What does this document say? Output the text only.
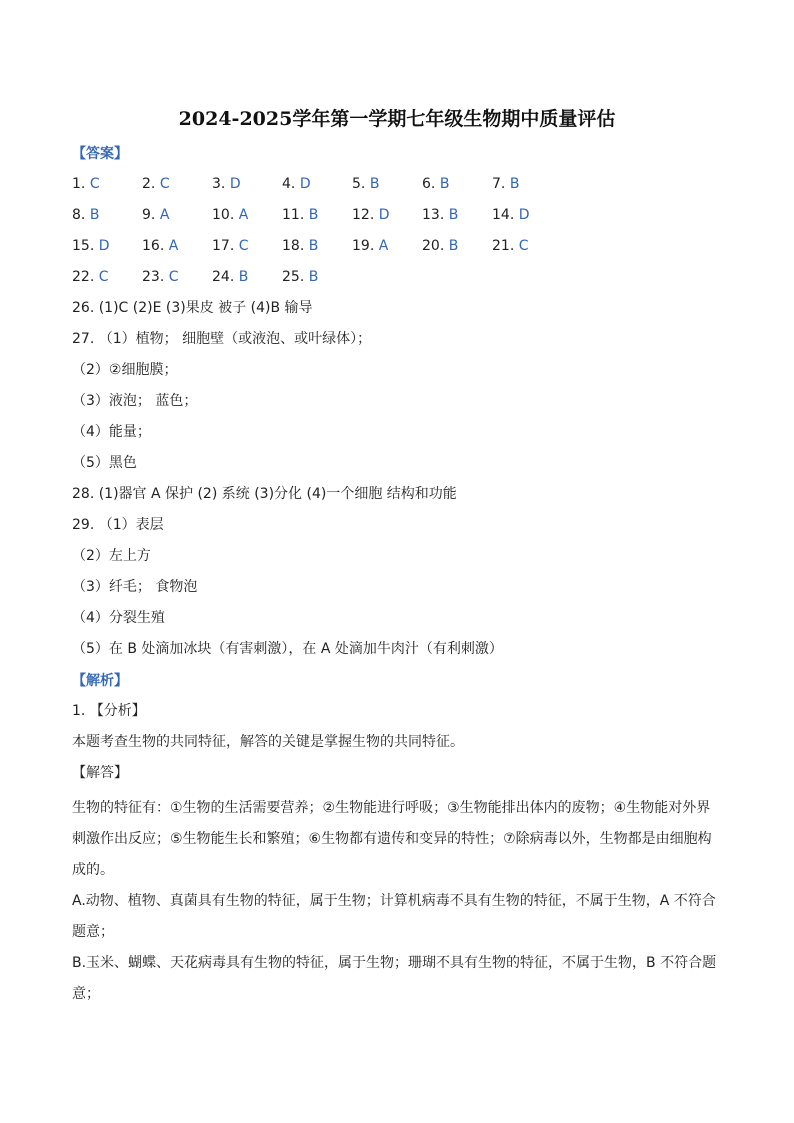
2024-2025学年第一学期七年级生物期中质量评估
【答案】
1. C	2. C	3. D	4. D	5. B	6. B	7. B
8. B	9. A	10. A	11. B	12. D	13. B	14. D
15. D	16. A	17. C	18. B	19. A	20. B	21. C
22. C	23. C	24. B	25. B
26. (1)C (2)E (3)果皮 被子 (4)B 输导
27. （1）植物； 细胞壁（或液泡、或叶绿体）；
（2）②细胞膜；
（3）液泡； 蓝色；
（4）能量；
（5）黑色
28. (1)器官 A 保护 (2) 系统 (3)分化 (4)一个细胞 结构和功能
29. （1）表层
（2）左上方
（3）纤毛； 食物泡
（4）分裂生殖
（5）在 B 处滴加冰块（有害刺激），在 A 处滴加牛肉汁（有利刺激）
【解析】
1. 【分析】
本题考查生物的共同特征，解答的关键是掌握生物的共同特征。
【解答】
生物的特征有：①生物的生活需要营养；②生物能进行呼吸；③生物能排出体内的废物；④生物能对外界
刺激作出反应；⑤生物能生长和繁殖；⑥生物都有遗传和变异的特性；⑦除病毒以外，生物都是由细胞构
成的。
A.动物、植物、真菌具有生物的特征，属于生物；计算机病毒不具有生物的特征，不属于生物，A 不符合
题意；
B.玉米、蝴蝶、天花病毒具有生物的特征，属于生物；珊瑚不具有生物的特征，不属于生物，B 不符合题
意；
